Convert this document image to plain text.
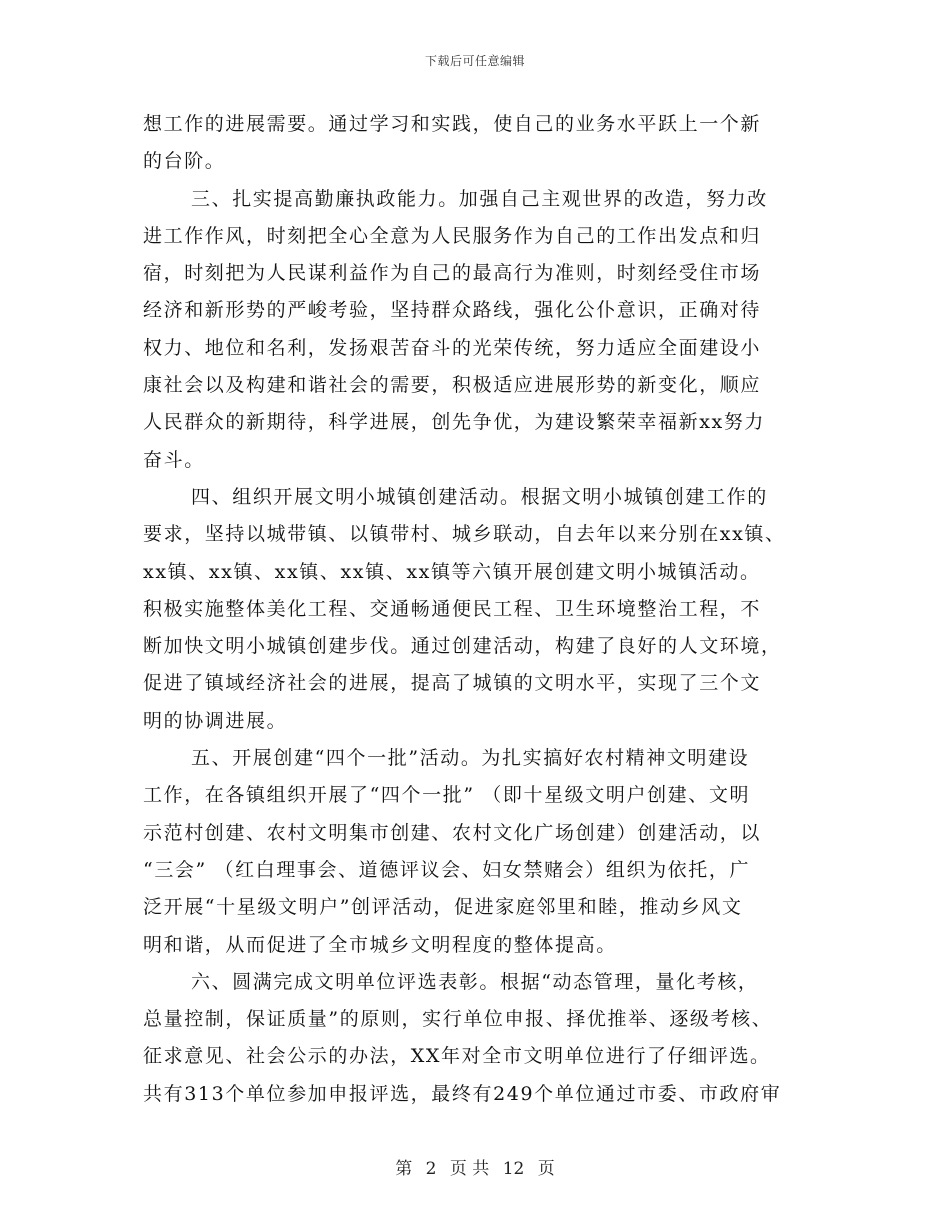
下载后可任意编辑
想工作的进展需要。通过学习和实践，使自己的业务水平跃上一个新
的台阶。
三、扎实提高勤廉执政能力。加强自己主观世界的改造，努力改
进工作作风，时刻把全心全意为人民服务作为自己的工作出发点和归
宿，时刻把为人民谋利益作为自己的最高行为准则，时刻经受住市场
经济和新形势的严峻考验，坚持群众路线，强化公仆意识，正确对待
权力、地位和名利，发扬艰苦奋斗的光荣传统，努力适应全面建设小
康社会以及构建和谐社会的需要，积极适应进展形势的新变化，顺应
人民群众的新期待，科学进展，创先争优，为建设繁荣幸福新xx努力
奋斗。
四、组织开展文明小城镇创建活动。根据文明小城镇创建工作的
要求，坚持以城带镇、以镇带村、城乡联动，自去年以来分别在xx镇、
xx镇、xx镇、xx镇、xx镇、xx镇等六镇开展创建文明小城镇活动。
积极实施整体美化工程、交通畅通便民工程、卫生环境整治工程，不
断加快文明小城镇创建步伐。通过创建活动，构建了良好的人文环境，
促进了镇域经济社会的进展，提高了城镇的文明水平，实现了三个文
明的协调进展。
五、开展创建“四个一批”活动。为扎实搞好农村精神文明建设
工作，在各镇组织开展了“四个一批” （即十星级文明户创建、文明
示范村创建、农村文明集市创建、农村文化广场创建）创建活动，以
“三会” （红白理事会、道德评议会、妇女禁赌会）组织为依托，广
泛开展“十星级文明户”创评活动，促进家庭邻里和睦，推动乡风文
明和谐，从而促进了全市城乡文明程度的整体提高。
六、圆满完成文明单位评选表彰。根据“动态管理，量化考核，
总量控制，保证质量”的原则，实行单位申报、择优推举、逐级考核、
征求意见、社会公示的办法，XX年对全市文明单位进行了仔细评选。
共有313个单位参加申报评选，最终有249个单位通过市委、市政府审
第 2 页 共 12 页
